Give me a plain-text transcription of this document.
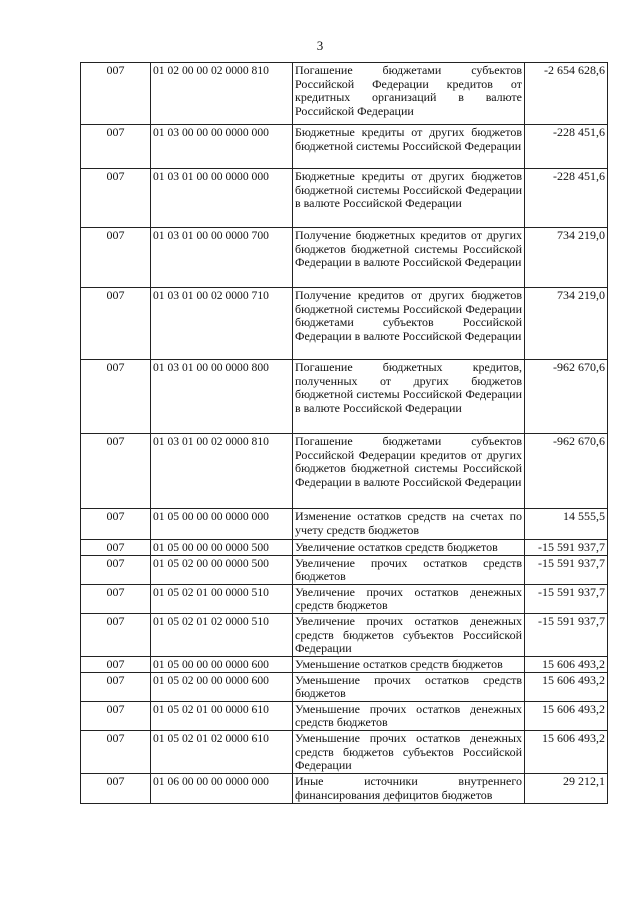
3
007	01 02 00 00 02 0000 810	Погашение бюджетами субъектов Российской Федерации кредитов от кредитных организаций в валюте Российской Федерации	-2 654 628,6
007	01 03 00 00 00 0000 000	Бюджетные кредиты от других бюджетов бюджетной системы Российской Федерации	-228 451,6
007	01 03 01 00 00 0000 000	Бюджетные кредиты от других бюджетов бюджетной системы Российской Федерации в валюте Российской Федерации	-228 451,6
007	01 03 01 00 00 0000 700	Получение бюджетных кредитов от других бюджетов бюджетной системы Российской Федерации в валюте Российской Федерации	734 219,0
007	01 03 01 00 02 0000 710	Получение кредитов от других бюджетов бюджетной системы Российской Федерации бюджетами субъектов Российской Федерации в валюте Российской Федерации	734 219,0
007	01 03 01 00 00 0000 800	Погашение бюджетных кредитов, полученных от других бюджетов бюджетной системы Российской Федерации в валюте Российской Федерации	-962 670,6
007	01 03 01 00 02 0000 810	Погашение бюджетами субъектов Российской Федерации кредитов от других бюджетов бюджетной системы Российской Федерации в валюте Российской Федерации	-962 670,6
007	01 05 00 00 00 0000 000	Изменение остатков средств на счетах по учету средств бюджетов	14 555,5
007	01 05 00 00 00 0000 500	Увеличение остатков средств бюджетов	-15 591 937,7
007	01 05 02 00 00 0000 500	Увеличение прочих остатков средств бюджетов	-15 591 937,7
007	01 05 02 01 00 0000 510	Увеличение прочих остатков денежных средств бюджетов	-15 591 937,7
007	01 05 02 01 02 0000 510	Увеличение прочих остатков денежных средств бюджетов субъектов Российской Федерации	-15 591 937,7
007	01 05 00 00 00 0000 600	Уменьшение остатков средств бюджетов	15 606 493,2
007	01 05 02 00 00 0000 600	Уменьшение прочих остатков средств бюджетов	15 606 493,2
007	01 05 02 01 00 0000 610	Уменьшение прочих остатков денежных средств бюджетов	15 606 493,2
007	01 05 02 01 02 0000 610	Уменьшение прочих остатков денежных средств бюджетов субъектов Российской Федерации	15 606 493,2
007	01 06 00 00 00 0000 000	Иные источники внутреннего финансирования дефицитов бюджетов	29 212,1
